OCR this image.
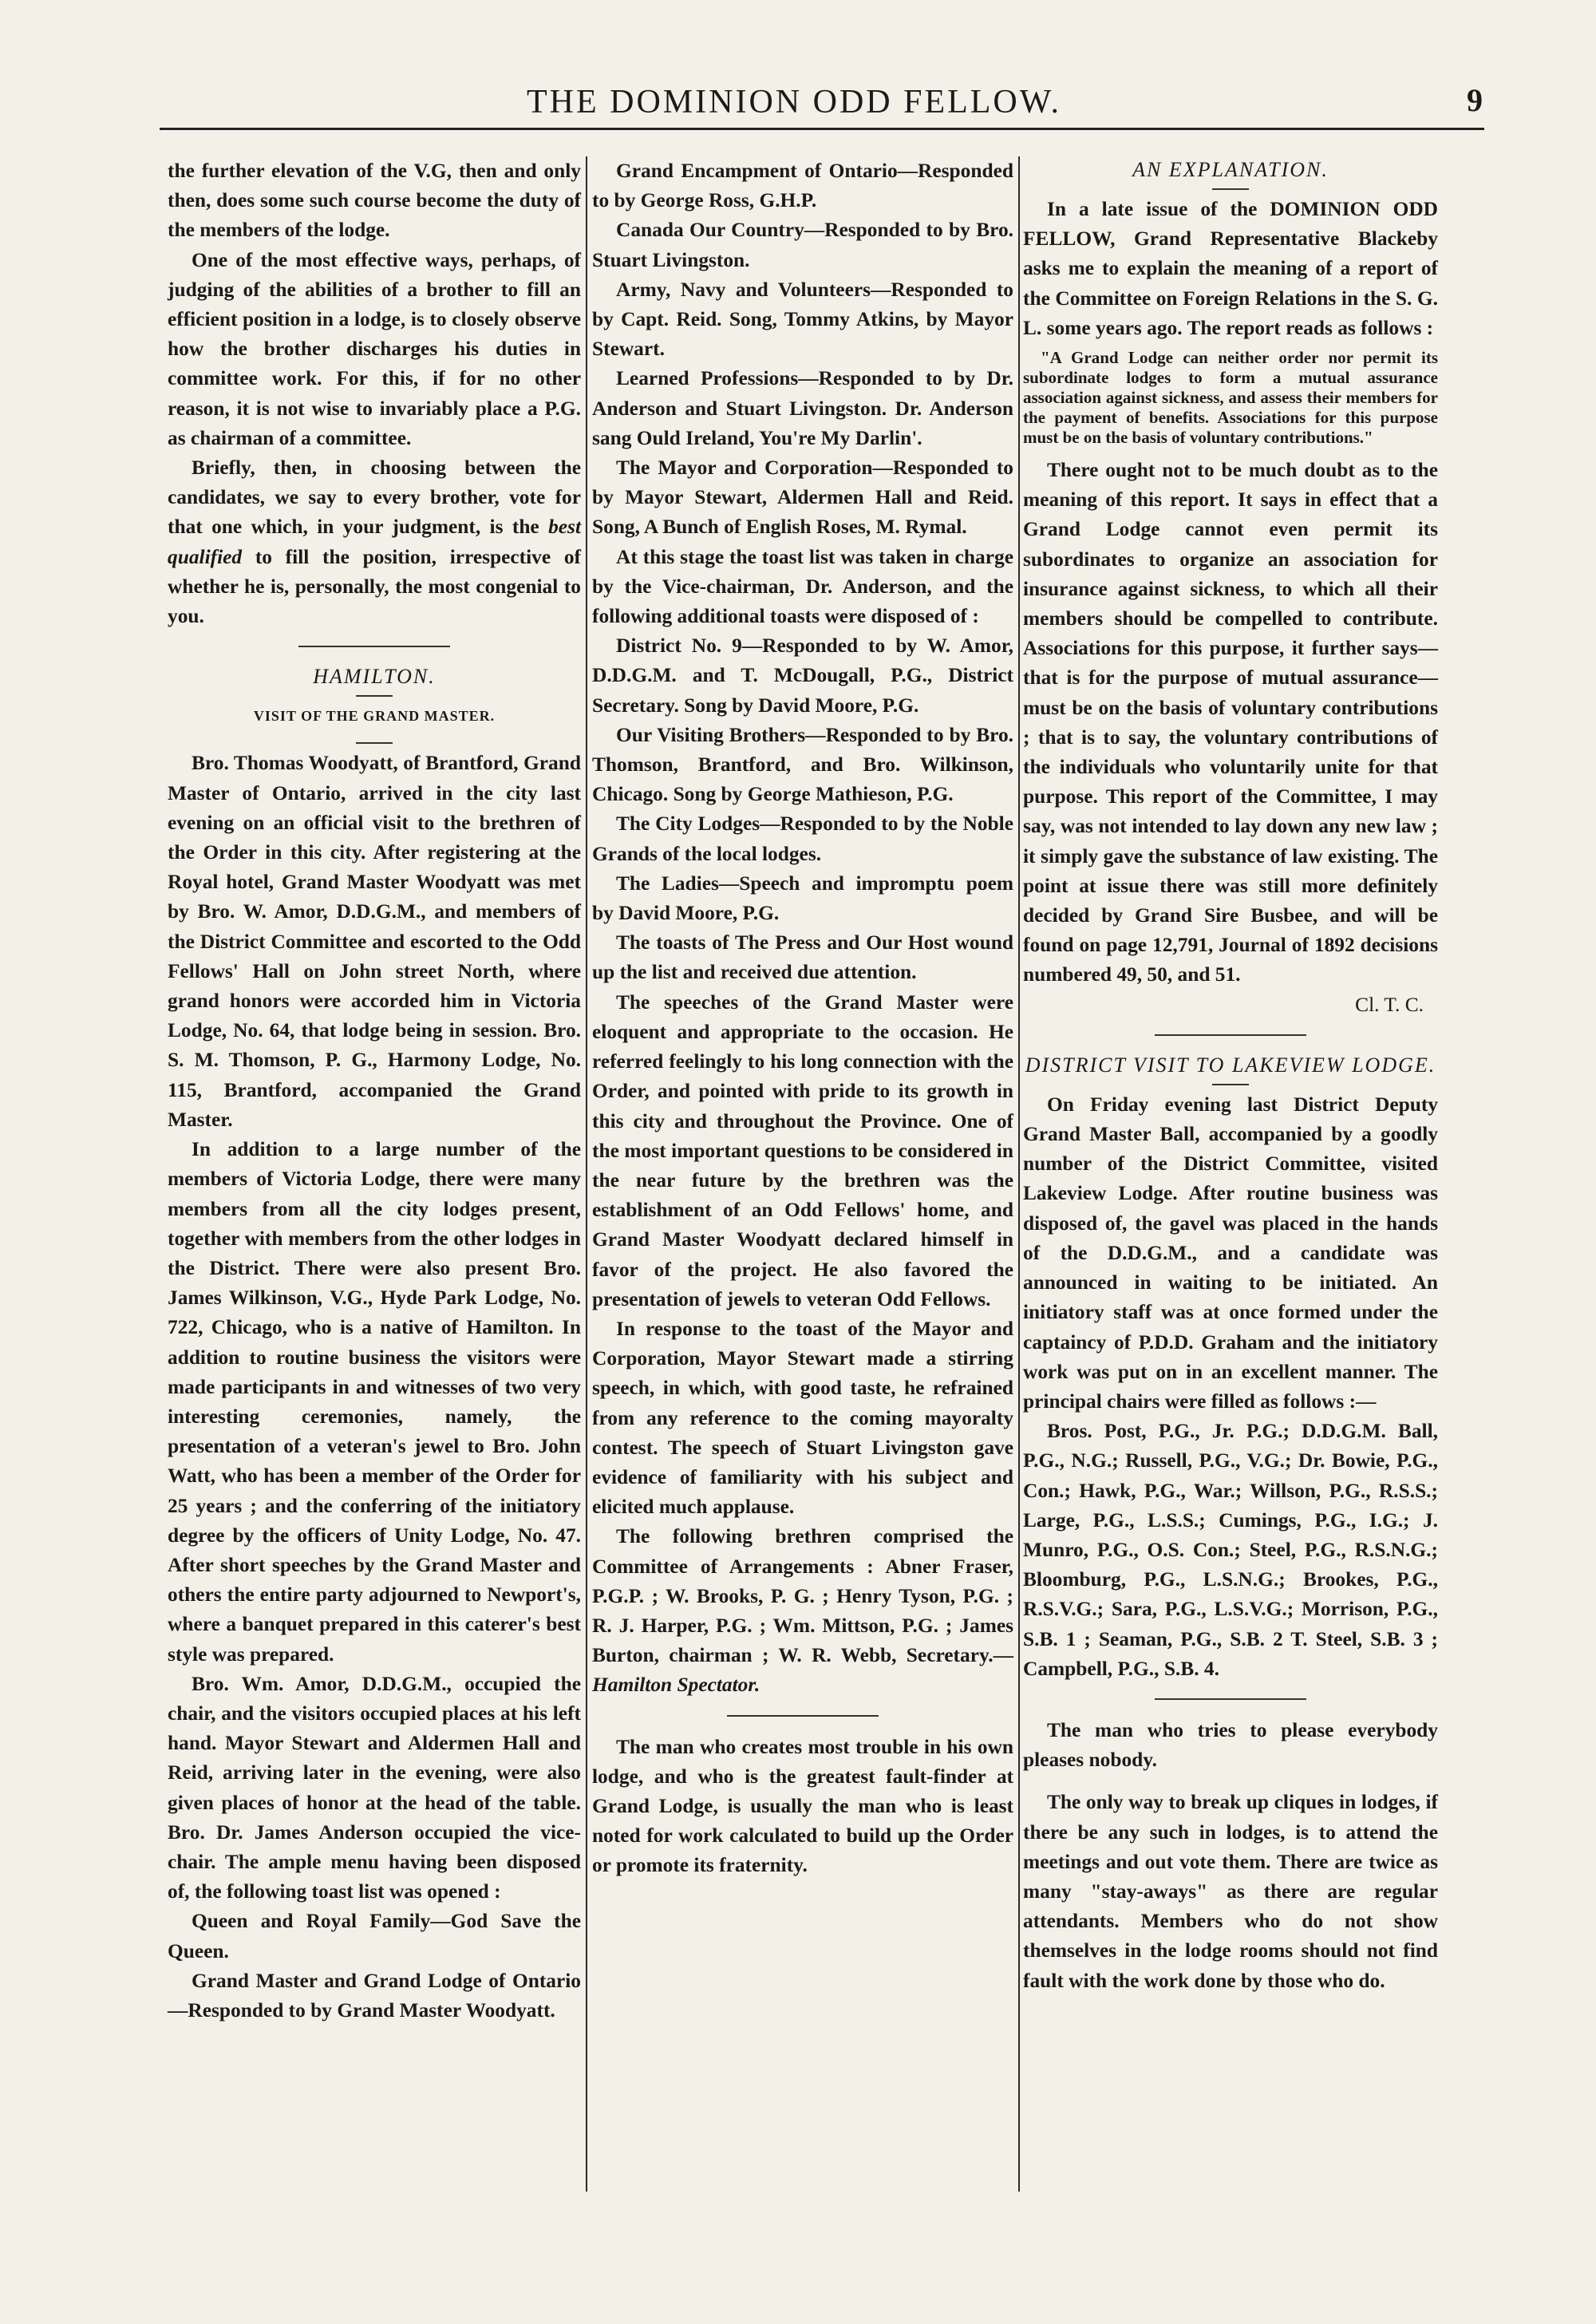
THE DOMINION ODD FELLOW.	9

the further elevation of the V.G, then and only then, does some such course become the duty of the members of the lodge.

One of the most effective ways, perhaps, of judging of the abilities of a brother to fill an efficient position in a lodge, is to closely observe how the brother discharges his duties in committee work. For this, if for no other reason, it is not wise to invariably place a P.G. as chairman of a committee.

Briefly, then, in choosing between the candidates, we say to every brother, vote for that one which, in your judgment, is the best qualified to fill the position, irrespective of whether he is, personally, the most congenial to you.

HAMILTON.
VISIT OF THE GRAND MASTER.

Bro. Thomas Woodyatt, of Brantford, Grand Master of Ontario, arrived in the city last evening on an official visit to the brethren of the Order in this city. After registering at the Royal hotel, Grand Master Woodyatt was met by Bro. W. Amor, D.D.G.M., and members of the District Committee and escorted to the Odd Fellows' Hall on John street North, where grand honors were accorded him in Victoria Lodge, No. 64, that lodge being in session. Bro. S. M. Thomson, P. G., Harmony Lodge, No. 115, Brantford, accompanied the Grand Master.

In addition to a large number of the members of Victoria Lodge, there were many members from all the city lodges present, together with members from the other lodges in the District. There were also present Bro. James Wilkinson, V.G., Hyde Park Lodge, No. 722, Chicago, who is a native of Hamilton. In addition to routine business the visitors were made participants in and witnesses of two very interesting ceremonies, namely, the presentation of a veteran's jewel to Bro. John Watt, who has been a member of the Order for 25 years ; and the conferring of the initiatory degree by the officers of Unity Lodge, No. 47. After short speeches by the Grand Master and others the entire party adjourned to Newport's, where a banquet prepared in this caterer's best style was prepared.

Bro. Wm. Amor, D.D.G.M., occupied the chair, and the visitors occupied places at his left hand. Mayor Stewart and Aldermen Hall and Reid, arriving later in the evening, were also given places of honor at the head of the table. Bro. Dr. James Anderson occupied the vice-chair. The ample menu having been disposed of, the following toast list was opened :

Queen and Royal Family—God Save the Queen.

Grand Master and Grand Lodge of Ontario—Responded to by Grand Master Woodyatt.

Grand Encampment of Ontario—Responded to by George Ross, G.H.P.

Canada Our Country—Responded to by Bro. Stuart Livingston.

Army, Navy and Volunteers—Responded to by Capt. Reid. Song, Tommy Atkins, by Mayor Stewart.

Learned Professions—Responded to by Dr. Anderson and Stuart Livingston. Dr. Anderson sang Ould Ireland, You're My Darlin'.

The Mayor and Corporation—Responded to by Mayor Stewart, Aldermen Hall and Reid. Song, A Bunch of English Roses, M. Rymal.

At this stage the toast list was taken in charge by the Vice-chairman, Dr. Anderson, and the following additional toasts were disposed of :

District No. 9—Responded to by W. Amor, D.D.G.M. and T. McDougall, P.G., District Secretary. Song by David Moore, P.G.

Our Visiting Brothers—Responded to by Bro. Thomson, Brantford, and Bro. Wilkinson, Chicago. Song by George Mathieson, P.G.

The City Lodges—Responded to by the Noble Grands of the local lodges.

The Ladies—Speech and impromptu poem by David Moore, P.G.

The toasts of The Press and Our Host wound up the list and received due attention.

The speeches of the Grand Master were eloquent and appropriate to the occasion. He referred feelingly to his long connection with the Order, and pointed with pride to its growth in this city and throughout the Province. One of the most important questions to be considered in the near future by the brethren was the establishment of an Odd Fellows' home, and Grand Master Woodyatt declared himself in favor of the project. He also favored the presentation of jewels to veteran Odd Fellows.

In response to the toast of the Mayor and Corporation, Mayor Stewart made a stirring speech, in which, with good taste, he refrained from any reference to the coming mayoralty contest. The speech of Stuart Livingston gave evidence of familiarity with his subject and elicited much applause.

The following brethren comprised the Committee of Arrangements : Abner Fraser, P.G.P. ; W. Brooks, P. G. ; Henry Tyson, P.G. ; R. J. Harper, P.G. ; Wm. Mittson, P.G. ; James Burton, chairman ; W. R. Webb, Secretary.—Hamilton Spectator.

The man who creates most trouble in his own lodge, and who is the greatest fault-finder at Grand Lodge, is usually the man who is least noted for work calculated to build up the Order or promote its fraternity.

AN EXPLANATION.

In a late issue of the DOMINION ODD FELLOW, Grand Representative Blackeby asks me to explain the meaning of a report of the Committee on Foreign Relations in the S. G. L. some years ago. The report reads as follows :

"A Grand Lodge can neither order nor permit its subordinate lodges to form a mutual assurance association against sickness, and assess their members for the payment of benefits. Associations for this purpose must be on the basis of voluntary contributions."

There ought not to be much doubt as to the meaning of this report. It says in effect that a Grand Lodge cannot even permit its subordinates to organize an association for insurance against sickness, to which all their members should be compelled to contribute. Associations for this purpose, it further says—that is for the purpose of mutual assurance—must be on the basis of voluntary contributions ; that is to say, the voluntary contributions of the individuals who voluntarily unite for that purpose. This report of the Committee, I may say, was not intended to lay down any new law ; it simply gave the substance of law existing. The point at issue there was still more definitely decided by Grand Sire Busbee, and will be found on page 12,791, Journal of 1892 decisions numbered 49, 50, and 51.

Cl. T. C.
DISTRICT VISIT TO LAKEVIEW LODGE.

On Friday evening last District Deputy Grand Master Ball, accompanied by a goodly number of the District Committee, visited Lakeview Lodge. After routine business was disposed of, the gavel was placed in the hands of the D.D.G.M., and a candidate was announced in waiting to be initiated. An initiatory staff was at once formed under the captaincy of P.D.D. Graham and the initiatory work was put on in an excellent manner. The principal chairs were filled as follows :—

Bros. Post, P.G., Jr. P.G.; D.D.G.M. Ball, P.G., N.G.; Russell, P.G., V.G.; Dr. Bowie, P.G., Con.; Hawk, P.G., War.; Willson, P.G., R.S.S.; Large, P.G., L.S.S.; Cumings, P.G., I.G.; J. Munro, P.G., O.S. Con.; Steel, P.G., R.S.N.G.; Bloomburg, P.G., L.S.N.G.; Brookes, P.G., R.S.V.G.; Sara, P.G., L.S.V.G.; Morrison, P.G., S.B. 1 ; Seaman, P.G., S.B. 2 T. Steel, S.B. 3 ; Campbell, P.G., S.B. 4.

The man who tries to please everybody pleases nobody.

The only way to break up cliques in lodges, if there be any such in lodges, is to attend the meetings and out vote them. There are twice as many "stay-aways" as there are regular attendants. Members who do not show themselves in the lodge rooms should not find fault with the work done by those who do.
